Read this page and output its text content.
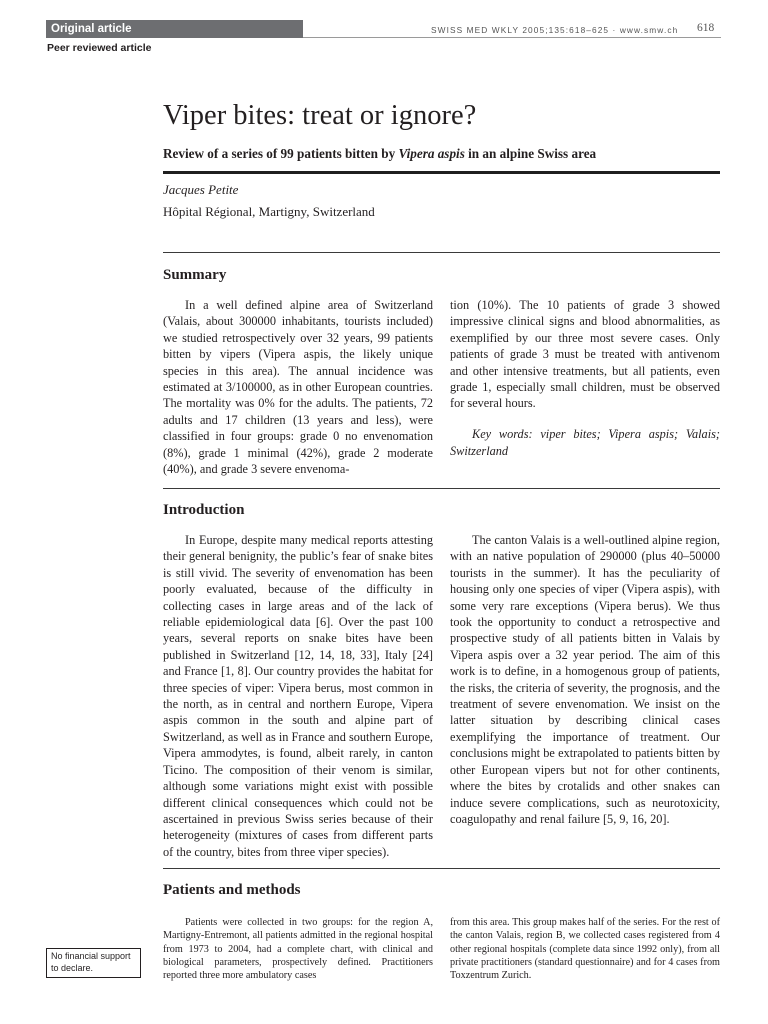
Original article	SWISS MED WKLY 2005;135:618–625 · www.smw.ch 618
Peer reviewed article
Viper bites: treat or ignore?
Review of a series of 99 patients bitten by Vipera aspis in an alpine Swiss area
Jacques Petite
Hôpital Régional, Martigny, Switzerland
Summary

In a well defined alpine area of Switzerland (Valais, about 300000 inhabitants, tourists included) we studied retrospectively over 32 years, 99 patients bitten by vipers (Vipera aspis, the likely unique species in this area). The annual incidence was estimated at 3/100000, as in other European countries. The mortality was 0% for the adults. The patients, 72 adults and 17 children (13 years and less), were classified in four groups: grade 0 no envenomation (8%), grade 1 minimal (42%), grade 2 moderate (40%), and grade 3 severe envenoma-

tion (10%). The 10 patients of grade 3 showed impressive clinical signs and blood abnormalities, as exemplified by our three most severe cases. Only patients of grade 3 must be treated with antivenom and other intensive treatments, but all patients, even grade 1, especially small children, must be observed for several hours.

Key words: viper bites; Vipera aspis; Valais; Switzerland

Introduction

In Europe, despite many medical reports attesting their general benignity, the public’s fear of snake bites is still vivid. The severity of envenomation has been poorly evaluated, because of the difficulty in collecting cases in large areas and of the lack of reliable epidemiological data [6]. Over the past 100 years, several reports on snake bites have been published in Switzerland [12, 14, 18, 33], Italy [24] and France [1, 8]. Our country provides the habitat for three species of viper: Vipera berus, most common in the north, as in central and northern Europe, Vipera aspis common in the south and alpine part of Switzerland, as well as in France and southern Europe, Vipera ammodytes, is found, albeit rarely, in canton Ticino. The composition of their venom is similar, although some variations might exist with possible different clinical consequences which could not be ascertained in previous Swiss series because of their heterogeneity (mixtures of cases from different parts of the country, bites from three viper species).

The canton Valais is a well-outlined alpine region, with an native population of 290000 (plus 40–50000 tourists in the summer). It has the peculiarity of housing only one species of viper (Vipera aspis), with some very rare exceptions (Vipera berus). We thus took the opportunity to conduct a retrospective and prospective study of all patients bitten in Valais by Vipera aspis over a 32 year period. The aim of this work is to define, in a homogenous group of patients, the risks, the criteria of severity, the prognosis, and the treatment of severe envenomation. We insist on the latter situation by describing clinical cases exemplifying the importance of treatment. Our conclusions might be extrapolated to patients bitten by other European vipers but not for other continents, where the bites by crotalids and other snakes can induce severe complications, such as neurotoxicity, coagulopathy and renal failure [5, 9, 16, 20].

Patients and methods

Patients were collected in two groups: for the region A, Martigny-Entremont, all patients admitted in the regional hospital from 1973 to 2004, had a complete chart, with clinical and biological parameters, prospectively defined. Practitioners reported three more ambulatory cases

from this area. This group makes half of the series. For the rest of the canton Valais, region B, we collected cases registered from 4 other regional hospitals (complete data since 1992 only), from all private practitioners (standard questionnaire) and for 4 cases from Toxzentrum Zurich.

No financial support to declare.
